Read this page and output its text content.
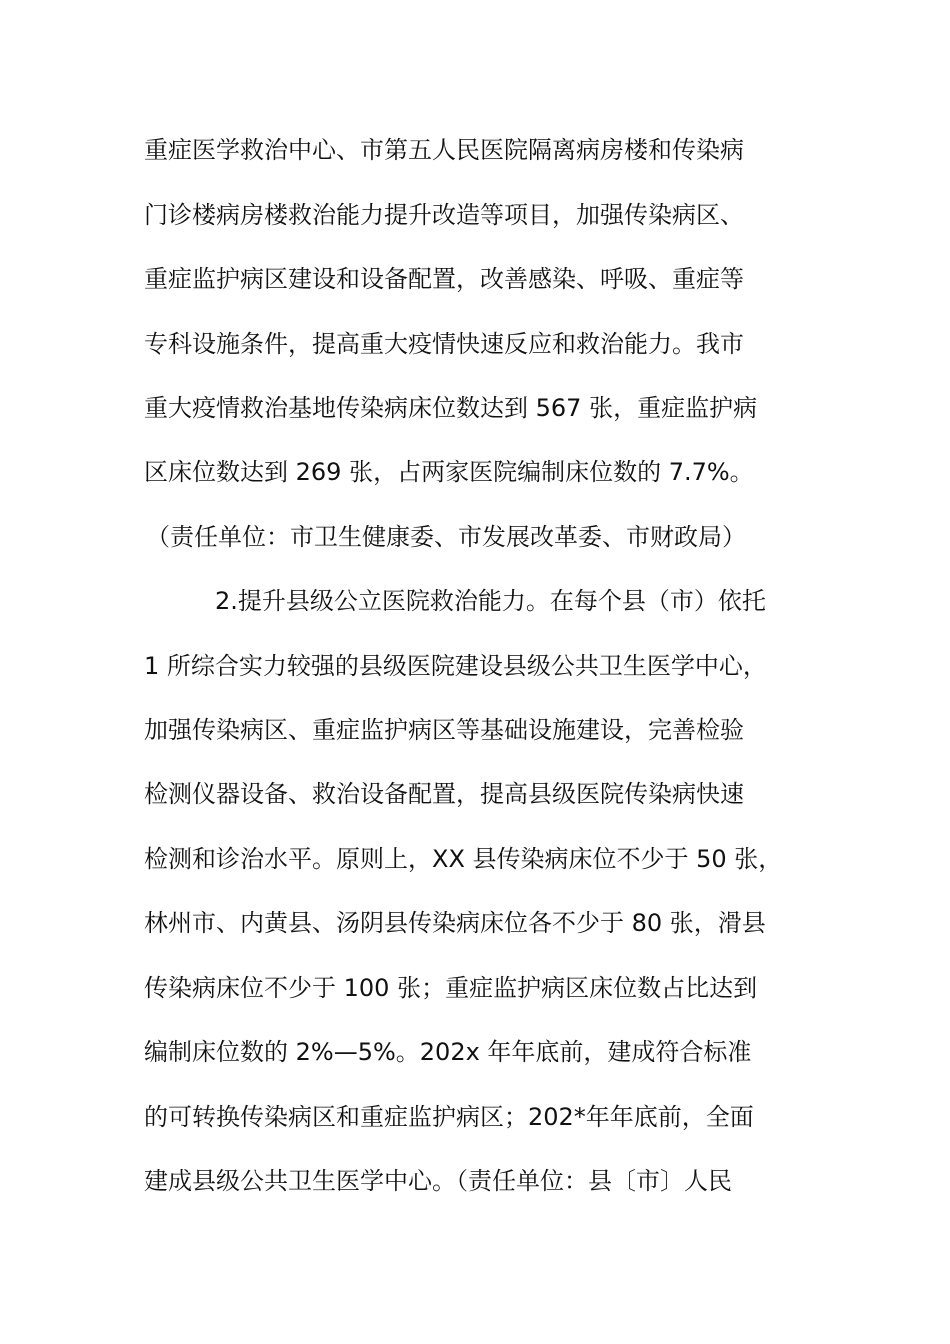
重症医学救治中心、市第五人民医院隔离病房楼和传染病
门诊楼病房楼救治能力提升改造等项目，加强传染病区、
重症监护病区建设和设备配置，改善感染、呼吸、重症等
专科设施条件，提高重大疫情快速反应和救治能力。我市
重大疫情救治基地传染病床位数达到 567 张，重症监护病
区床位数达到 269 张，占两家医院编制床位数的 7.7%。
（责任单位：市卫生健康委、市发展改革委、市财政局）
2.提升县级公立医院救治能力。在每个县（市）依托
1 所综合实力较强的县级医院建设县级公共卫生医学中心，
加强传染病区、重症监护病区等基础设施建设，完善检验
检测仪器设备、救治设备配置，提高县级医院传染病快速
检测和诊治水平。原则上，XX 县传染病床位不少于 50 张，
林州市、内黄县、汤阴县传染病床位各不少于 80 张，滑县
传染病床位不少于 100 张；重症监护病区床位数占比达到
编制床位数的 2%—5%。202x 年年底前，建成符合标准
的可转换传染病区和重症监护病区；202*年年底前，全面
建成县级公共卫生医学中心。（责任单位：县〔市〕人民
